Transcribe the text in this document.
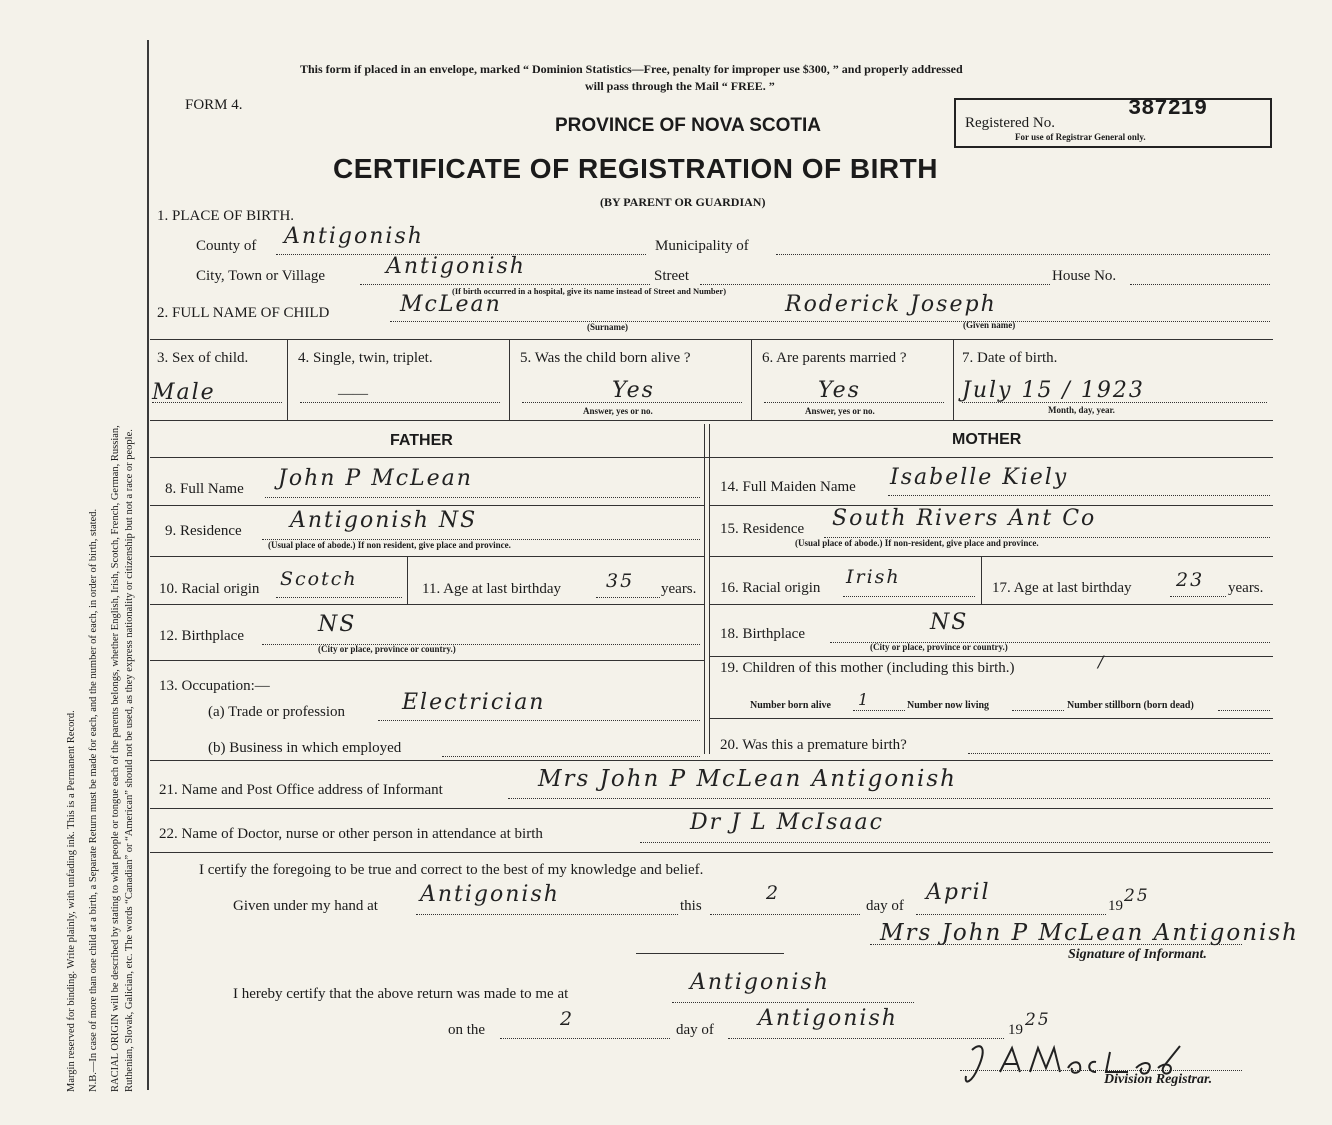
Margin reserved for binding. Write plainly, with unfading ink. This is a Permanent Record. N.B.—In case of more than one child at a birth, a Separate Return must be made for each, and the number of each, in order of birth, stated. RACIAL ORIGIN will be described by stating to what people or tongue each of the parents belongs, whether English, Irish, Scotch, French, German, Russian, Ruthenian, Slovak, Galician, etc. The words “Canadian” or “American” should not be used, as they express nationality or citizenship but not a race or people.
This form if placed in an envelope, marked “ Dominion Statistics—Free, penalty for improper use $300, ” and properly addressed
will pass through the Mail “ FREE. ”
FORM 4.
PROVINCE OF NOVA SCOTIA
CERTIFICATE OF REGISTRATION OF BIRTH
(BY PARENT OR GUARDIAN)
Registered No.
387219
For use of Registrar General only.
1. PLACE OF BIRTH.
County of Antigonish	Municipality of
City, Town or Village	Antigonish	Street	House No.
(If birth occurred in a hospital, give its name instead of Street and Number)
2. FULL NAME OF CHILD	McLean
(Surname)
Roderick Joseph
(Given name)
3. Sex of child.
Male
4. Single, twin, triplet.
——
5. Was the child born alive ?
Yes
Answer, yes or no.
6. Are parents married ?
Yes
Answer, yes or no.
7. Date of birth.
July 15 / 1923
Month, day, year.
FATHER	MOTHER
8. Full Name John P McLean
9. Residence Antigonish NS
(Usual place of abode.) If non resident, give place and province.
10. Racial origin Scotch	11. Age at last birthday 35 years.
12. Birthplace	NS
(City or place, province or country.)
13. Occupation:—
(a) Trade or profession	Electrician
(b) Business in which employed
14. Full Maiden Name Isabelle Kiely
15. Residence South Rivers Ant Co
(Usual place of abode.) If non-resident, give place and province.
16. Racial origin Irish	17. Age at last birthday 23 years.
18. Birthplace	NS
(City or place, province or country.)
19. Children of this mother (including this birth.)	/
Number born alive 1	Number now living	Number stillborn (born dead)
20. Was this a premature birth?
21. Name and Post Office address of Informant	Mrs John P McLean Antigonish
22. Name of Doctor, nurse or other person in attendance at birth	Dr J L McIsaac
I certify the foregoing to be true and correct to the best of my knowledge and belief.
Given under my hand at Antigonish	this
2
day of
April
19 25
Mrs John P McLean Antigonish
Signature of Informant.
I hereby certify that the above return was made to me at	Antigonish
on the	2	day of Antigonish	19 25
Division Registrar.
